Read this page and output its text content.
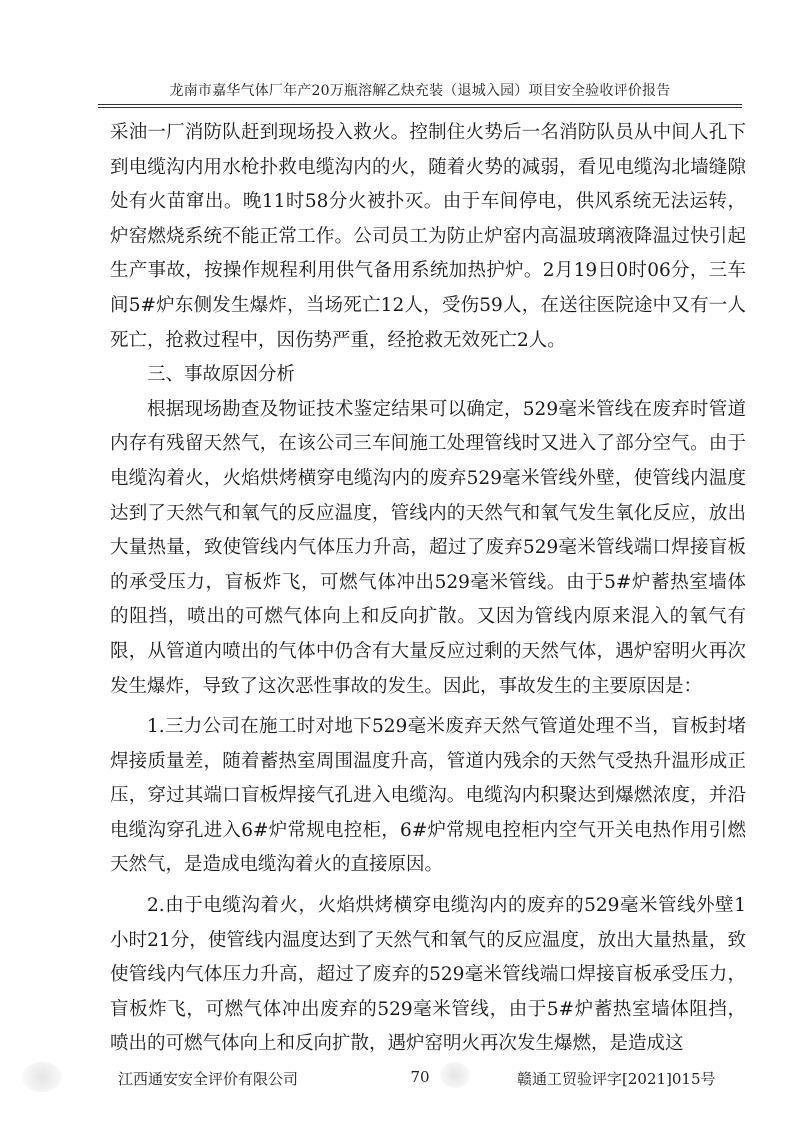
龙南市嘉华气体厂年产20万瓶溶解乙炔充装（退城入园）项目安全验收评价报告

采油一厂消防队赶到现场投入救火。控制住火势后一名消防队员从中间人孔下到电缆沟内用水枪扑救电缆沟内的火，随着火势的减弱，看见电缆沟北墙缝隙处有火苗窜出。晚11时58分火被扑灭。由于车间停电，供风系统无法运转，炉窑燃烧系统不能正常工作。公司员工为防止炉窑内高温玻璃液降温过快引起生产事故，按操作规程利用供气备用系统加热护炉。2月19日0时06分，三车间5#炉东侧发生爆炸，当场死亡12人，受伤59人，在送往医院途中又有一人死亡，抢救过程中，因伤势严重，经抢救无效死亡2人。

三、事故原因分析

根据现场勘查及物证技术鉴定结果可以确定，529毫米管线在废弃时管道内存有残留天然气，在该公司三车间施工处理管线时又进入了部分空气。由于电缆沟着火，火焰烘烤横穿电缆沟内的废弃529毫米管线外壁，使管线内温度达到了天然气和氧气的反应温度，管线内的天然气和氧气发生氧化反应，放出大量热量，致使管线内气体压力升高，超过了废弃529毫米管线端口焊接盲板的承受压力，盲板炸飞，可燃气体冲出529毫米管线。由于5#炉蓄热室墙体的阻挡，喷出的可燃气体向上和反向扩散。又因为管线内原来混入的氧气有限，从管道内喷出的气体中仍含有大量反应过剩的天然气体，遇炉窑明火再次发生爆炸，导致了这次恶性事故的发生。因此，事故发生的主要原因是：

1.三力公司在施工时对地下529毫米废弃天然气管道处理不当，盲板封堵焊接质量差，随着蓄热室周围温度升高，管道内残余的天然气受热升温形成正压，穿过其端口盲板焊接气孔进入电缆沟。电缆沟内积聚达到爆燃浓度，并沿电缆沟穿孔进入6#炉常规电控柜，6#炉常规电控柜内空气开关电热作用引燃天然气，是造成电缆沟着火的直接原因。

2.由于电缆沟着火，火焰烘烤横穿电缆沟内的废弃的529毫米管线外壁1小时21分，使管线内温度达到了天然气和氧气的反应温度，放出大量热量，致使管线内气体压力升高，超过了废弃的529毫米管线端口焊接盲板承受压力，盲板炸飞，可燃气体冲出废弃的529毫米管线，由于5#炉蓄热室墙体阻挡，喷出的可燃气体向上和反向扩散，遇炉窑明火再次发生爆燃，是造成这

江西通安安全评价有限公司	70	赣通工贸验评字[2021]015号
